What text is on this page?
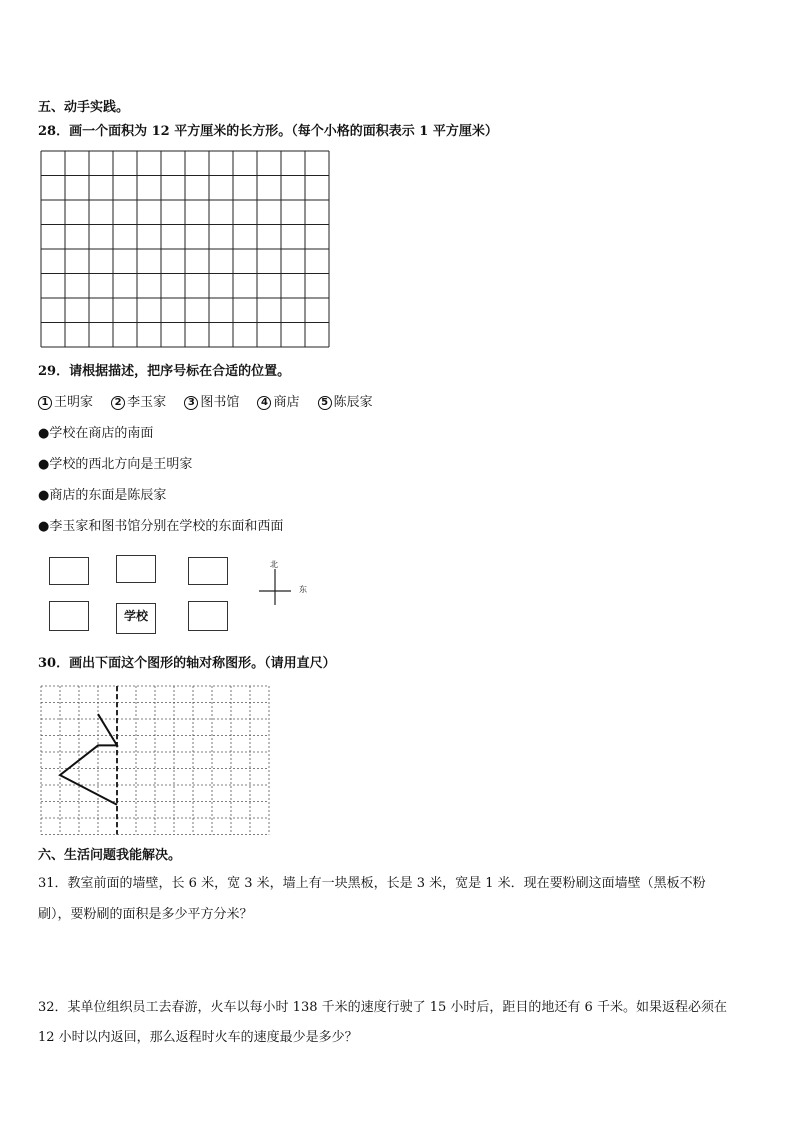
五、动手实践。
28．画一个面积为 12 平方厘米的长方形。（每个小格的面积表示 1 平方厘米）
29．请根据描述，把序号标在合适的位置。
1 王明家 2 李玉家 3 图书馆 4 商店 5 陈辰家
●学校在商店的南面
●学校的西北方向是王明家
●商店的东面是陈辰家
●李玉家和图书馆分别在学校的东面和西面
学校
北
东
30．画出下面这个图形的轴对称图形。（请用直尺）
六、生活问题我能解决。
31．教室前面的墙壁，长 6 米，宽 3 米，墙上有一块黑板，长是 3 米，宽是 1 米．现在要粉刷这面墙壁（黑板不粉
刷），要粉刷的面积是多少平方分米？
32．某单位组织员工去春游，火车以每小时 138 千米的速度行驶了 15 小时后，距目的地还有 6 千米。如果返程必须在
12 小时以内返回，那么返程时火车的速度最少是多少？
